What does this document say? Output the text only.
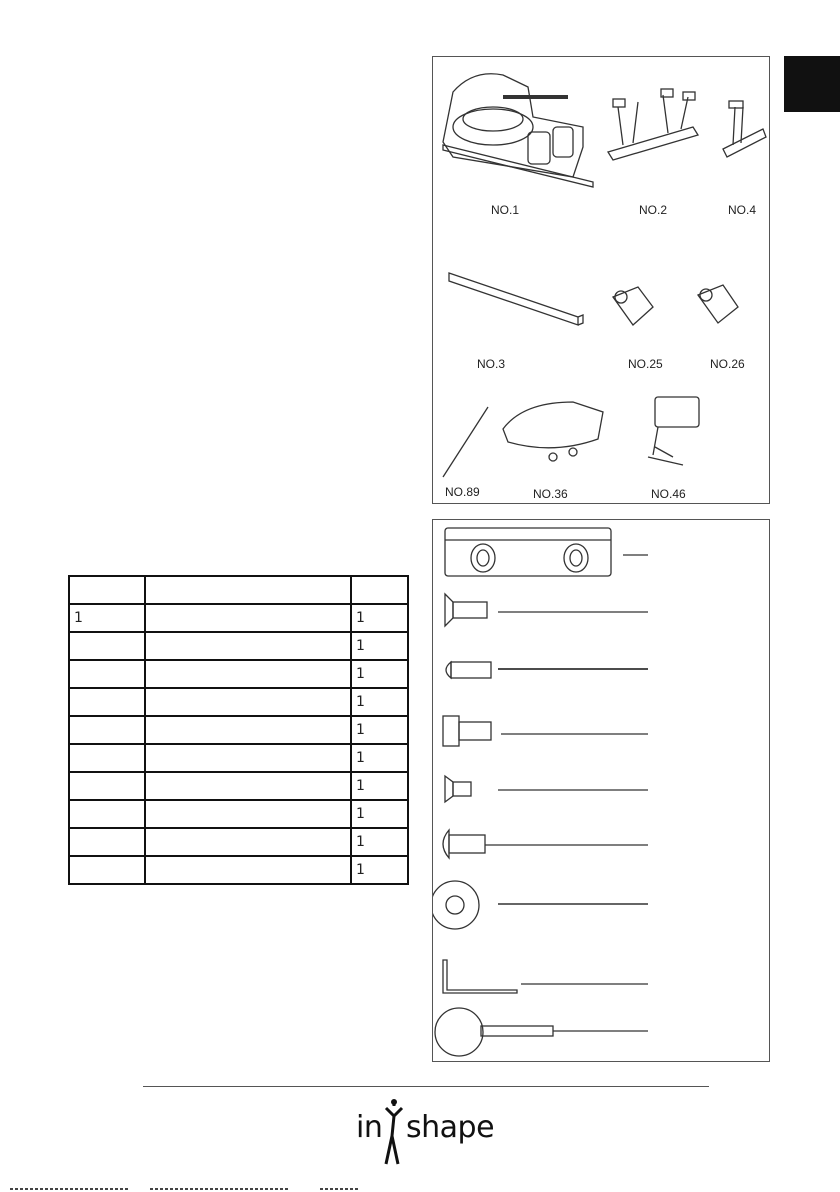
NO.1	NO.2	NO.4
NO.3	NO.25	NO.26
NO.89	NO.36	NO.46

1		1
		1
		1
		1
		1
		1
		1
		1
		1
		1
in shape
